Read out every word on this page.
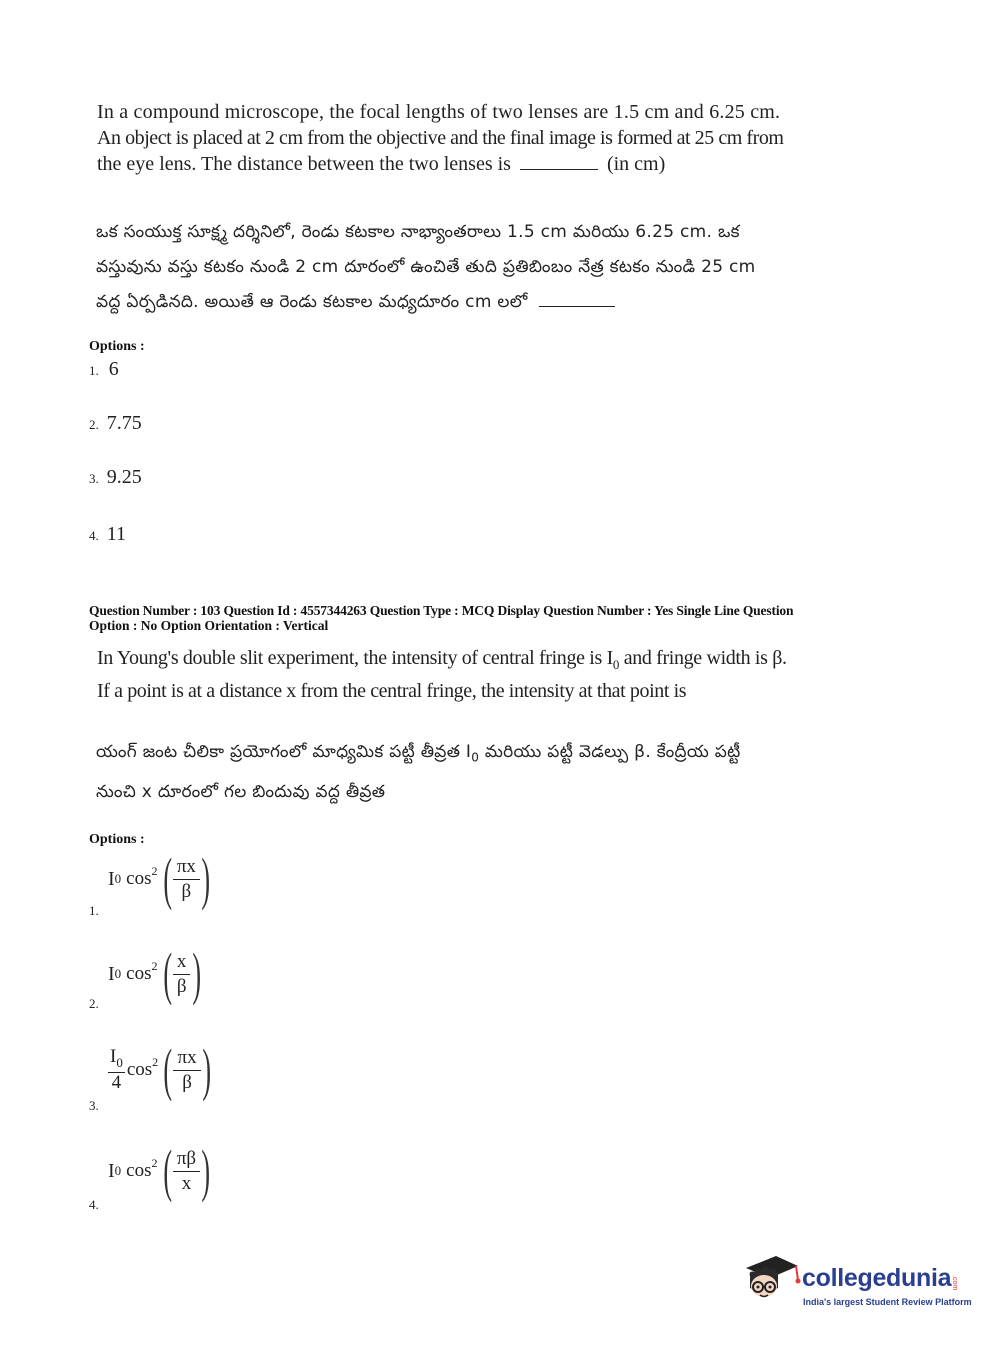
In a compound microscope, the focal lengths of two lenses are 1.5 cm and 6.25 cm.
An object is placed at 2 cm from the objective and the final image is formed at 25 cm from
the eye lens. The distance between the two lenses is	(in cm)
ఒక సంయుక్త సూక్ష్మ దర్శినిలో, రెండు కటకాల నాభ్యాంతరాలు 1.5 cm మరియు 6.25 cm. ఒక
వస్తువును వస్తు కటకం నుండి 2 cm దూరంలో ఉంచితే తుది ప్రతిబింబం నేత్ర కటకం నుండి 25 cm
వద్ద ఏర్పడినది. అయితే ఆ రెండు కటకాల మధ్యదూరం cm లలో
Options :
1. 6
2. 7.75
3. 9.25
4. 11
Question Number : 103 Question Id : 4557344263 Question Type : MCQ Display Question Number : Yes Single Line Question
Option : No Option Orientation : Vertical
In Young's double slit experiment, the intensity of central fringe is $I_0$ and fringe width is β.
If a point is at a distance x from the central fringe, the intensity at that point is
యంగ్ జంట చీలికా ప్రయోగంలో మాధ్యమిక పట్టీ తీవ్రత $I_0$ మరియు పట్టీ వెడల్పు β. కేంద్రీయ పట్టీ
నుంచి x దూరంలో గల బిందువు వద్ద తీవ్రత
Options :
I 0 $\cos^2$ ( $\frac{\pi x}{\beta}$ )
1.
I 0 $\cos^2$ ( $\frac{x}{\beta}$ )
2.
$\frac{I_0}{4} \cos^2$ ( $\frac{\pi x}{\beta}$ )
3.
I 0 $\cos^2$ ( $\frac{\pi\beta}{x}$ )
4.
collegedunia.com
India's largest Student Review Platform
